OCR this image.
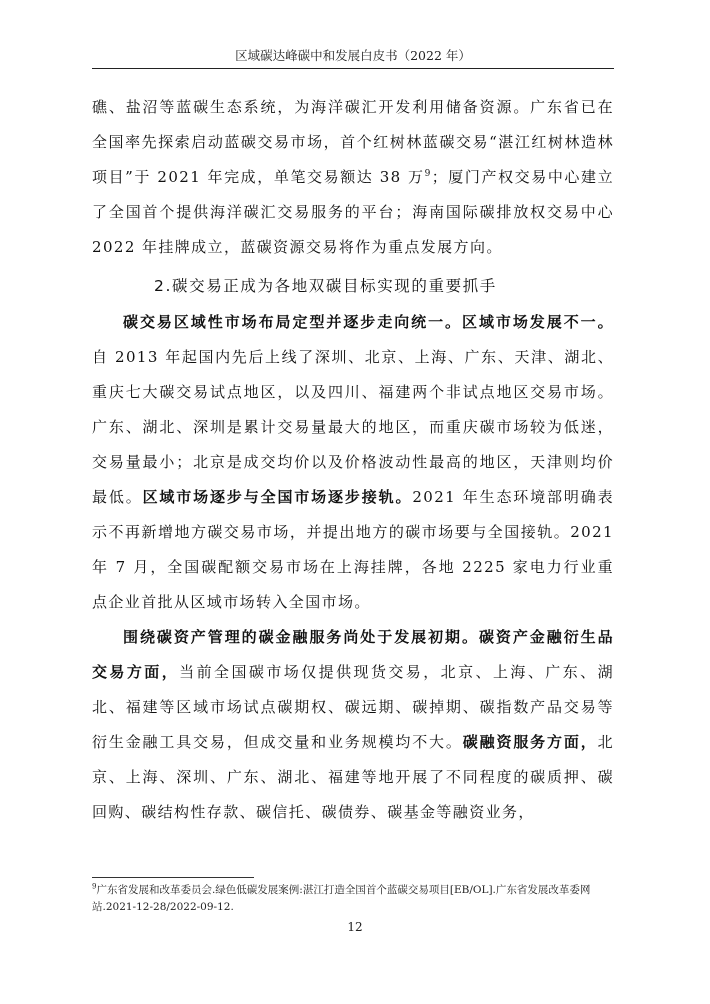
区域碳达峰碳中和发展白皮书（2022 年）

礁、盐沼等蓝碳生态系统，为海洋碳汇开发利用储备资源。广东省已在全国率先探索启动蓝碳交易市场，首个红树林蓝碳交易“湛江红树林造林项目”于 2021 年完成，单笔交易额达 38 万$^9$；厦门产权交易中心建立了全国首个提供海洋碳汇交易服务的平台；海南国际碳排放权交易中心 2022 年挂牌成立，蓝碳资源交易将作为重点发展方向。

2.碳交易正成为各地双碳目标实现的重要抓手

碳交易区域性市场布局定型并逐步走向统一。区域市场发展不一。自 2013 年起国内先后上线了深圳、北京、上海、广东、天津、湖北、重庆七大碳交易试点地区，以及四川、福建两个非试点地区交易市场。广东、湖北、深圳是累计交易量最大的地区，而重庆碳市场较为低迷，交易量最小；北京是成交均价以及价格波动性最高的地区，天津则均价最低。区域市场逐步与全国市场逐步接轨。2021 年生态环境部明确表示不再新增地方碳交易市场，并提出地方的碳市场要与全国接轨。2021 年 7 月，全国碳配额交易市场在上海挂牌，各地 2225 家电力行业重点企业首批从区域市场转入全国市场。

围绕碳资产管理的碳金融服务尚处于发展初期。碳资产金融衍生品交易方面，当前全国碳市场仅提供现货交易，北京、上海、广东、湖北、福建等区域市场试点碳期权、碳远期、碳掉期、碳指数产品交易等衍生金融工具交易，但成交量和业务规模均不大。碳融资服务方面，北京、上海、深圳、广东、湖北、福建等地开展了不同程度的碳质押、碳回购、碳结构性存款、碳信托、碳债券、碳基金等融资业务，

$^9$广东省发展和改革委员会.绿色低碳发展案例:湛江打造全国首个蓝碳交易项目[EB/OL].广东省发展改革委网站.2021-12-28/2022-09-12.
12
